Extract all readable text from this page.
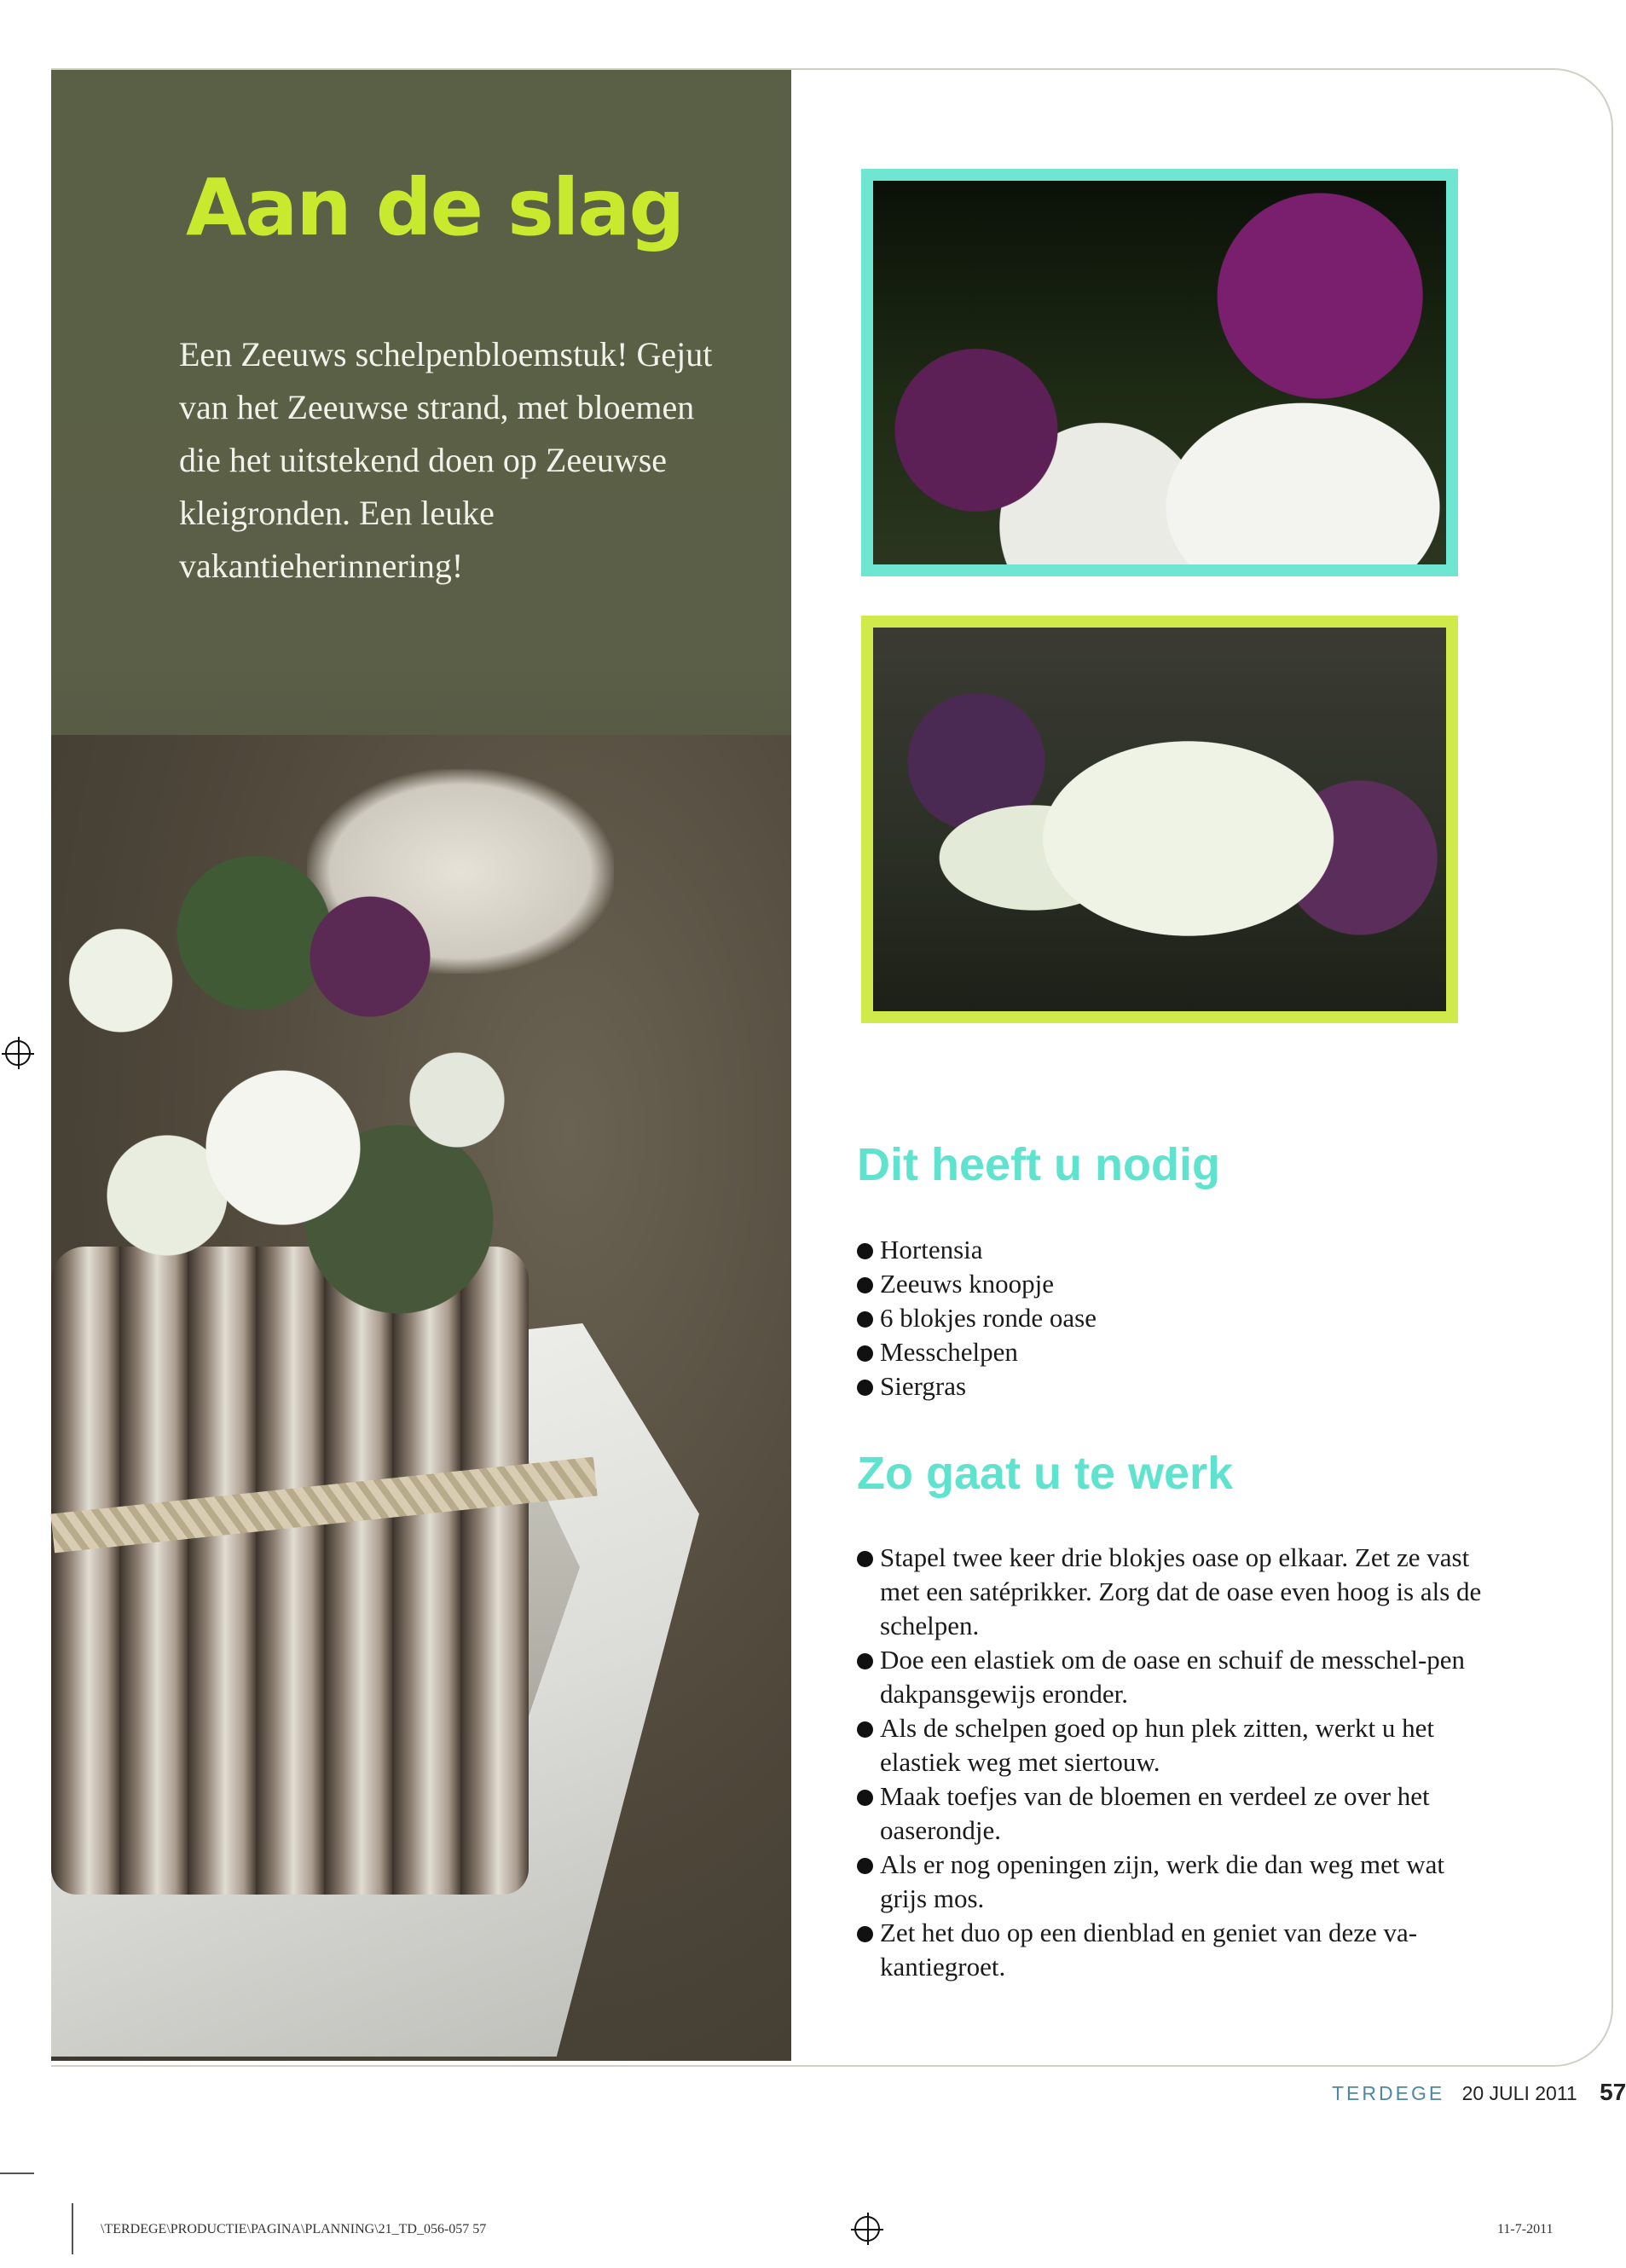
Aan de slag

Een Zeeuws schelpenbloemstuk! Gejut van het Zeeuwse strand, met bloemen die het uitstekend doen op Zeeuwse kleigronden. Een leuke vakantieherinnering!

Dit heeft u nodig
Hortensia
Zeeuws knoopje
6 blokjes ronde oase
Messchelpen
Siergras
Zo gaat u te werk
Stapel twee keer drie blokjes oase op elkaar. Zet ze vast met een satéprikker. Zorg dat de oase even hoog is als de schelpen.
Doe een elastiek om de oase en schuif de messchel-pen dakpansgewijs eronder.
Als de schelpen goed op hun plek zitten, werkt u het elastiek weg met siertouw.
Maak toefjes van de bloemen en verdeel ze over het oaserondje.
Als er nog openingen zijn, werk die dan weg met wat grijs mos.
Zet het duo op een dienblad en geniet van deze va-kantiegroet.
TERDEGE 20 JULI 2011 57
\TERDEGE\PRODUCTIE\PAGINA\PLANNING\21_TD_056-057 57	11-7-2011
